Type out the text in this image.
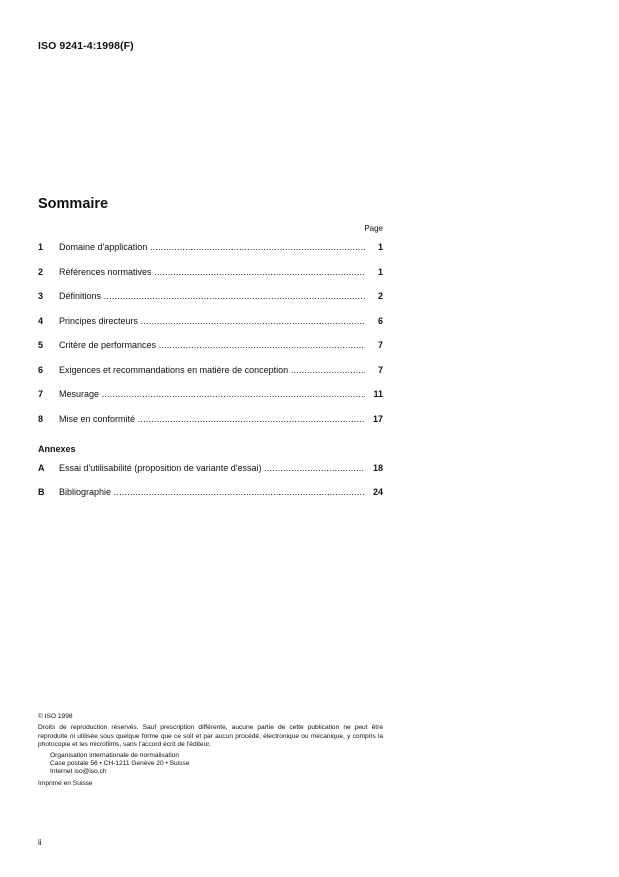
ISO 9241-4:1998(F)
Sommaire
Page
1 Domaine d'application .....	1
2 Références normatives .....	1
3 Définitions .....	2
4 Principes directeurs .....	6
5 Critère de performances .....	7
6 Exigences et recommandations en matière de conception .....	7
7 Mesurage .....	11
8 Mise en conformité .....	17
Annexes
A Essai d'utilisabilité (proposition de variante d'essai) .....	18
B Bibliographie .....	24

© ISO 1998

Droits de reproduction réservés. Sauf prescription différente, aucune partie de cette publication ne peut être reproduite ni utilisée sous quelque forme que ce soit et par aucun procédé, électronique ou mécanique, y compris la photocopie et les microfilms, sans l'accord écrit de l'éditeur.

Organisation internationale de normalisation

Case postale 56 • CH-1211 Genève 20 • Suisse

Internet iso@iso.ch

Imprimé en Suisse

ii
